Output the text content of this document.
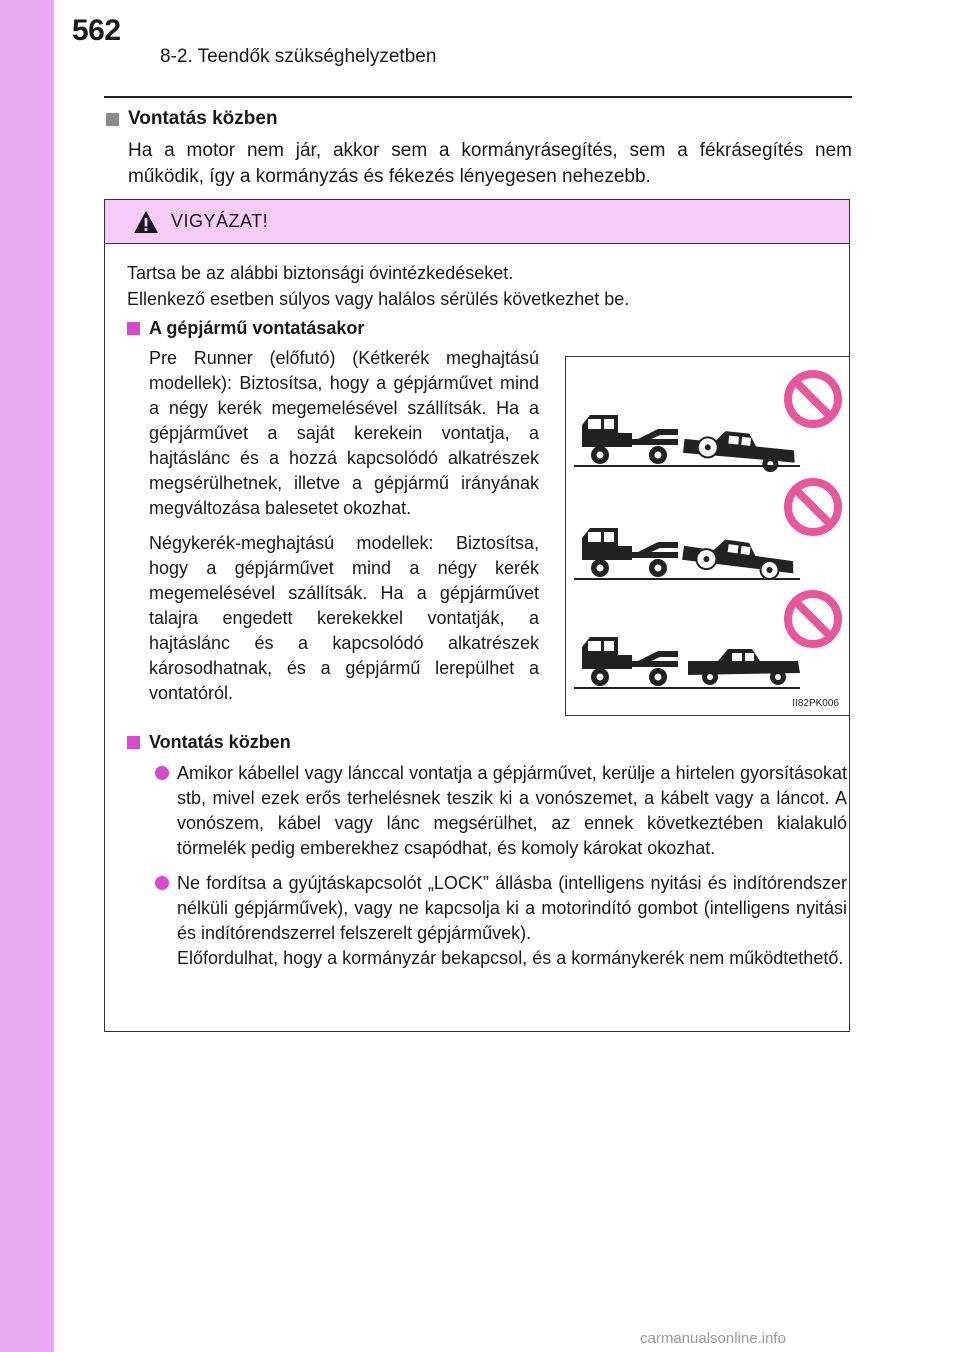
562
8-2. Teendők szükséghelyzetben
Vontatás közben
Ha a motor nem jár, akkor sem a kormányrásegítés, sem a fékrásegítés nem működik, így a kormányzás és fékezés lényegesen nehezebb.
VIGYÁZAT!
Tartsa be az alábbi biztonsági óvintézkedéseket.
Ellenkező esetben súlyos vagy halálos sérülés következhet be.
A gépjármű vontatásakor

Pre Runner (előfutó) (Kétkerék meghajtású modellek): Biztosítsa, hogy a gépjárművet mind a négy kerék megemelésével szállítsák. Ha a gépjárművet a saját kerekein vontatja, a hajtáslánc és a hozzá kapcsolódó alkatrészek megsérülhetnek, illetve a gépjármű irányának megváltozása balesetet okozhat.

Négykerék-meghajtású modellek: Biztosítsa, hogy a gépjárművet mind a négy kerék megemelésével szállítsák. Ha a gépjárművet talajra engedett kerekekkel vontatják, a hajtáslánc és a kapcsolódó alkatrészek károsodhatnak, és a gépjármű lerepülhet a vontatóról.

II82PK006
Vontatás közben
Amikor kábellel vagy lánccal vontatja a gépjárművet, kerülje a hirtelen gyorsításokat stb, mivel ezek erős terhelésnek teszik ki a vonószemet, a kábelt vagy a láncot. A vonószem, kábel vagy lánc megsérülhet, az ennek következtében kialakuló törmelék pedig emberekhez csapódhat, és komoly károkat okozhat.
Ne fordítsa a gyújtáskapcsolót „LOCK” állásba (intelligens nyitási és indítórendszer nélküli gépjárművek), vagy ne kapcsolja ki a motorindító gombot (intelligens nyitási és indítórendszerrel felszerelt gépjárművek).
Előfordulhat, hogy a kormányzár bekapcsol, és a kormánykerék nem működtethető.
carmanualsonline.info
